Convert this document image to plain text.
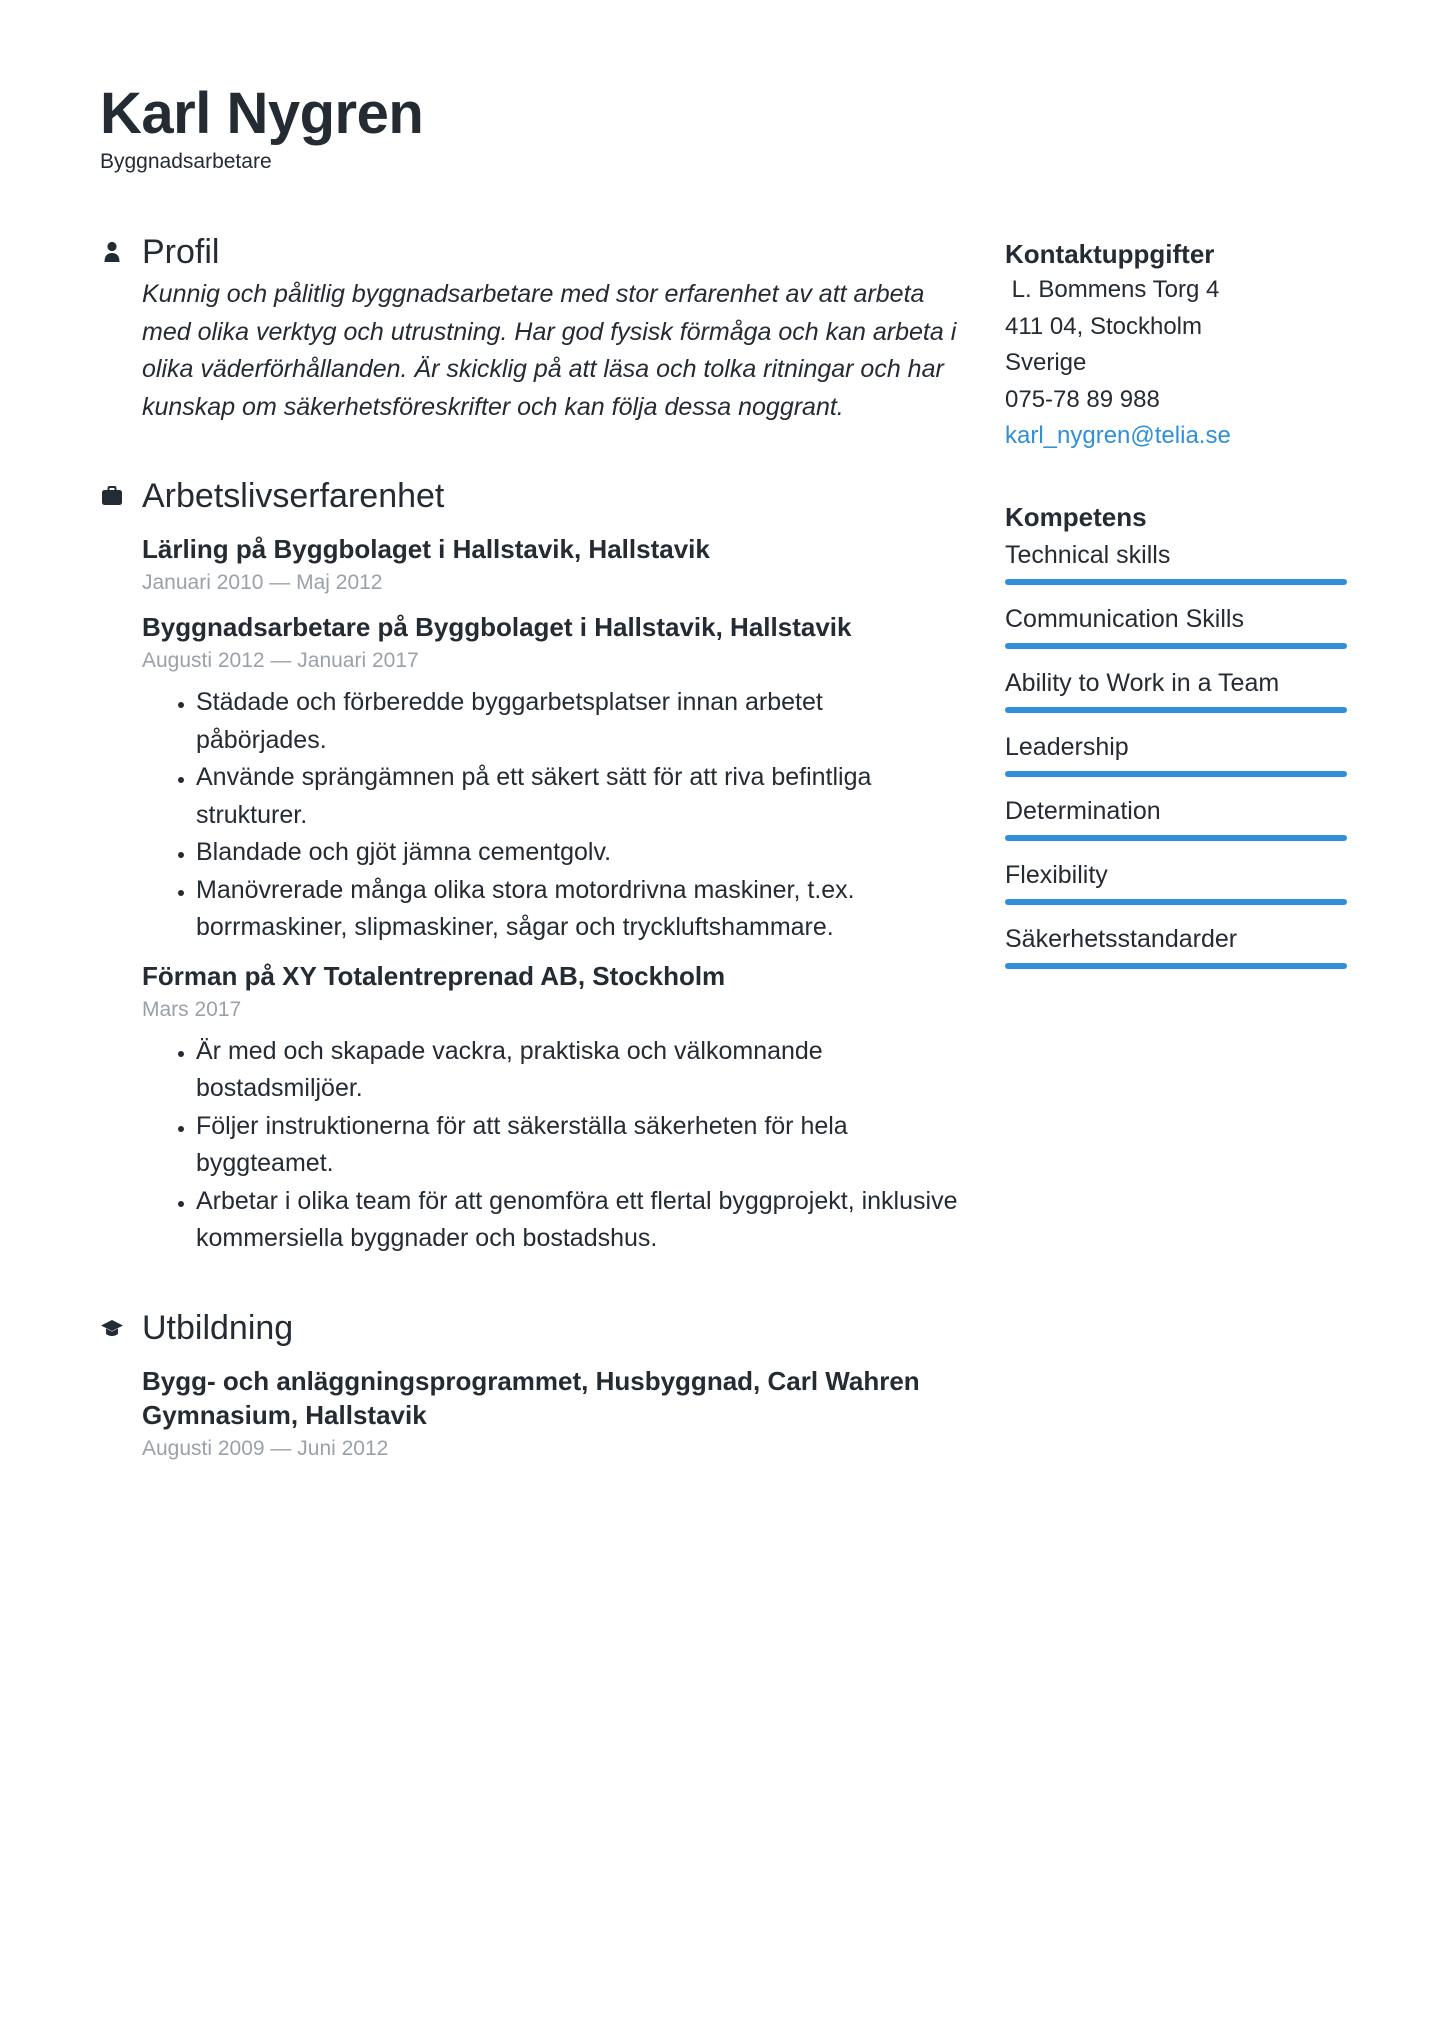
Karl Nygren
Byggnadsarbetare
Profil

Kunnig och pålitlig byggnadsarbetare med stor erfarenhet av att arbeta med olika verktyg och utrustning. Har god fysisk förmåga och kan arbeta i olika väderförhållanden. Är skicklig på att läsa och tolka ritningar och har kunskap om säkerhetsföreskrifter och kan följa dessa noggrant.

Arbetslivserfarenhet
Lärling på Byggbolaget i Hallstavik, Hallstavik
Januari 2010 — Maj 2012
Byggnadsarbetare på Byggbolaget i Hallstavik, Hallstavik
Augusti 2012 — Januari 2017
• Städade och förberedde byggarbetsplatser innan arbetet påbörjades.
• Använde sprängämnen på ett säkert sätt för att riva befintliga strukturer.
• Blandade och gjöt jämna cementgolv.
• Manövrerade många olika stora motordrivna maskiner, t.ex. borrmaskiner, slipmaskiner, sågar och tryckluftshammare.
Förman på XY Totalentreprenad AB, Stockholm
Mars 2017
• Är med och skapade vackra, praktiska och välkomnande bostadsmiljöer.
• Följer instruktionerna för att säkerställa säkerheten för hela byggteamet.
• Arbetar i olika team för att genomföra ett flertal byggprojekt, inklusive kommersiella byggnader och bostadshus.
Utbildning
Bygg- och anläggningsprogrammet, Husbyggnad, Carl Wahren Gymnasium, Hallstavik
Augusti 2009 — Juni 2012
Kontaktuppgifter
L. Bommens Torg 4
411 04, Stockholm
Sverige
075-78 89 988
karl_nygren@telia.se
Kompetens
Technical skills
Communication Skills
Ability to Work in a Team
Leadership
Determination
Flexibility
Säkerhetsstandarder
